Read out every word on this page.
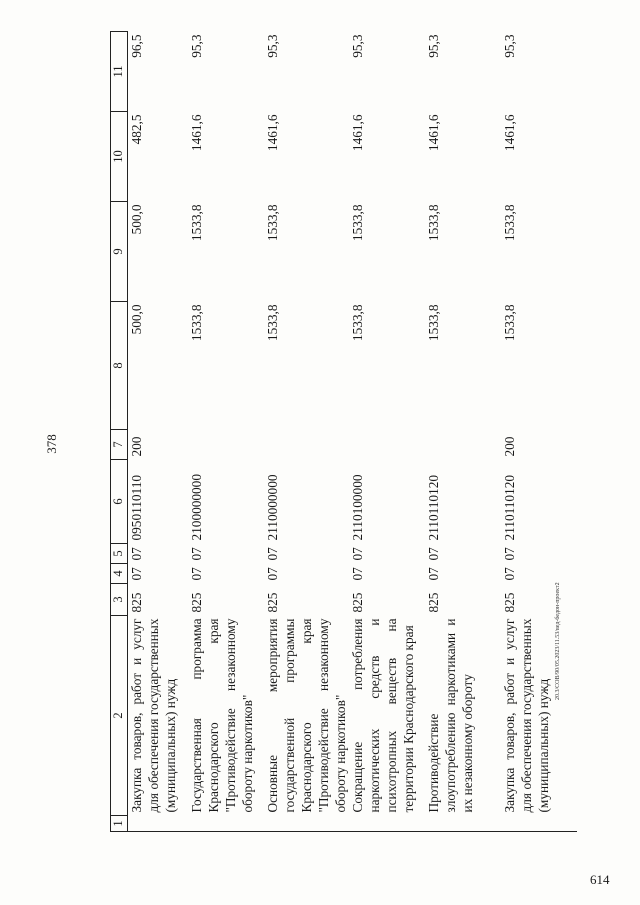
378
20.3/СОВ/90/05.2023/11.53/вед-бедон-проект2
1	2	3	4	5	6	7	8	9	10	11
	Закупка товаров, работ и услуг для обеспечения государственных (муниципальных) нужд	825	07	07	0950110110	200	500,0	500,0	482,5	96,5
	Государственная программа Краснодарского края "Противодействие незаконному обороту наркотиков"	825	07	07	2100000000		1533,8	1533,8	1461,6	95,3
	Основные мероприятия государственной программы Краснодарского края "Противодействие незаконному обороту наркотиков"	825	07	07	2110000000		1533,8	1533,8	1461,6	95,3
	Сокращение потребления наркотических средств и психотропных веществ на территории Краснодарского края	825	07	07	2110100000		1533,8	1533,8	1461,6	95,3
	Противодействие злоупотреблению наркотиками и их незаконному обороту	825	07	07	2110110120		1533,8	1533,8	1461,6	95,3
	Закупка товаров, работ и услуг для обеспечения государственных (муниципальных) нужд	825	07	07	2110110120	200	1533,8	1533,8	1461,6	95,3
614
